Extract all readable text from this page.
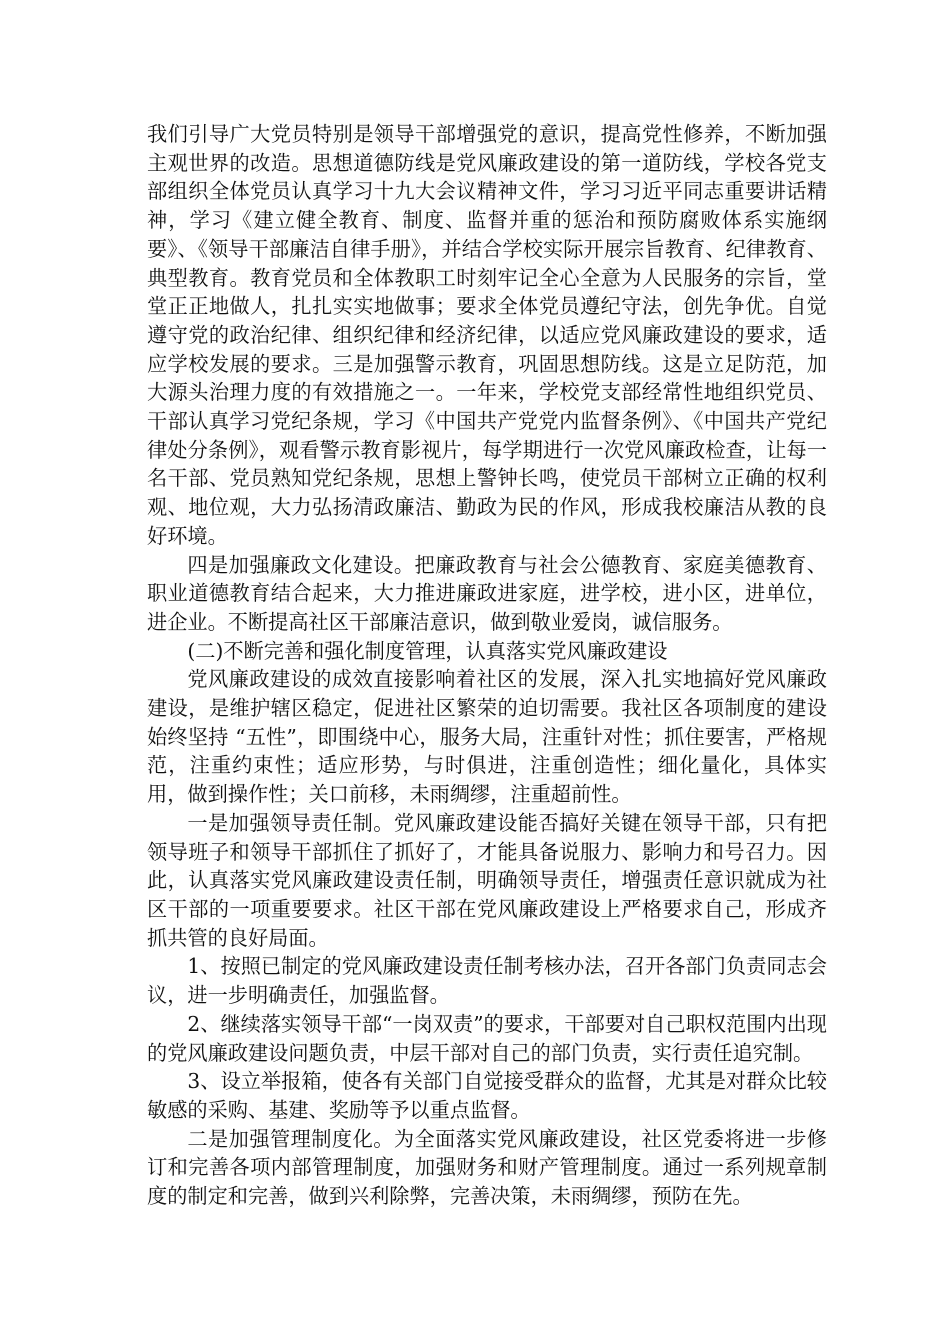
我们引导广大党员特别是领导干部增强党的意识，提高党性修养，不断加强主观世界的改造。思想道德防线是党风廉政建设的第一道防线，学校各党支部组织全体党员认真学习十九大会议精神文件，学习习近平同志重要讲话精神，学习《建立健全教育、制度、监督并重的惩治和预防腐败体系实施纲要》、《领导干部廉洁自律手册》，并结合学校实际开展宗旨教育、纪律教育、典型教育。教育党员和全体教职工时刻牢记全心全意为人民服务的宗旨，堂堂正正地做人，扎扎实实地做事；要求全体党员遵纪守法，创先争优。自觉遵守党的政治纪律、组织纪律和经济纪律，以适应党风廉政建设的要求，适应学校发展的要求。三是加强警示教育，巩固思想防线。这是立足防范，加大源头治理力度的有效措施之一。一年来，学校党支部经常性地组织党员、干部认真学习党纪条规，学习《中国共产党党内监督条例》、《中国共产党纪律处分条例》，观看警示教育影视片，每学期进行一次党风廉政检查，让每一名干部、党员熟知党纪条规，思想上警钟长鸣，使党员干部树立正确的权利观、地位观，大力弘扬清政廉洁、勤政为民的作风，形成我校廉洁从教的良好环境。

四是加强廉政文化建设。把廉政教育与社会公德教育、家庭美德教育、职业道德教育结合起来，大力推进廉政进家庭，进学校，进小区，进单位，进企业。不断提高社区干部廉洁意识，做到敬业爱岗，诚信服务。

(二)不断完善和强化制度管理，认真落实党风廉政建设

党风廉政建设的成效直接影响着社区的发展，深入扎实地搞好党风廉政建设，是维护辖区稳定，促进社区繁荣的迫切需要。我社区各项制度的建设始终坚持 “五性”，即围绕中心，服务大局，注重针对性；抓住要害，严格规范，注重约束性；适应形势，与时俱进，注重创造性；细化量化，具体实用，做到操作性；关口前移，未雨绸缪，注重超前性。

一是加强领导责任制。党风廉政建设能否搞好关键在领导干部，只有把领导班子和领导干部抓住了抓好了，才能具备说服力、影响力和号召力。因此，认真落实党风廉政建设责任制，明确领导责任，增强责任意识就成为社区干部的一项重要要求。社区干部在党风廉政建设上严格要求自己，形成齐抓共管的良好局面。

1、按照已制定的党风廉政建设责任制考核办法，召开各部门负责同志会议，进一步明确责任，加强监督。

2、继续落实领导干部“一岗双责”的要求，干部要对自己职权范围内出现的党风廉政建设问题负责，中层干部对自己的部门负责，实行责任追究制。

3、设立举报箱，使各有关部门自觉接受群众的监督，尤其是对群众比较敏感的采购、基建、奖励等予以重点监督。

二是加强管理制度化。为全面落实党风廉政建设，社区党委将进一步修订和完善各项内部管理制度，加强财务和财产管理制度。通过一系列规章制度的制定和完善，做到兴利除弊，完善决策，未雨绸缪，预防在先。
